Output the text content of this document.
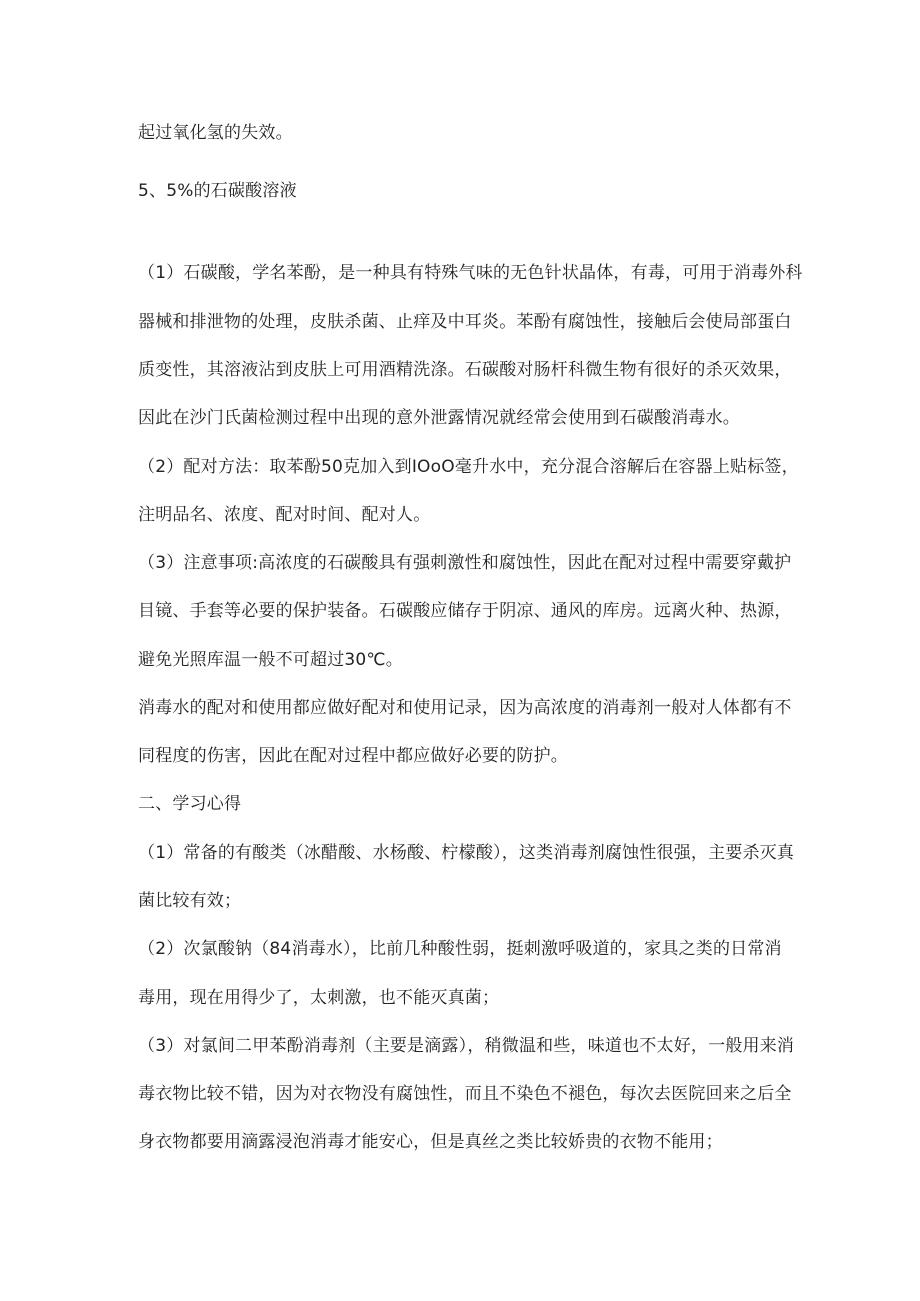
起过氧化氢的失效。
5、5%的石碳酸溶液
（1）石碳酸，学名苯酚，是一种具有特殊气味的无色针状晶体，有毒，可用于消毒外科
器械和排泄物的处理，皮肤杀菌、止痒及中耳炎。苯酚有腐蚀性，接触后会使局部蛋白
质变性，其溶液沾到皮肤上可用酒精洗涤。石碳酸对肠杆科微生物有很好的杀灭效果，
因此在沙门氏菌检测过程中出现的意外泄露情况就经常会使用到石碳酸消毒水。
（2）配对方法：取苯酚50克加入到IOoO毫升水中，充分混合溶解后在容器上贴标签，
注明品名、浓度、配对时间、配对人。
（3）注意事项:高浓度的石碳酸具有强刺激性和腐蚀性，因此在配对过程中需要穿戴护
目镜、手套等必要的保护装备。石碳酸应储存于阴凉、通风的库房。远离火种、热源，
避免光照库温一般不可超过30℃。
消毒水的配对和使用都应做好配对和使用记录，因为高浓度的消毒剂一般对人体都有不
同程度的伤害，因此在配对过程中都应做好必要的防护。
二、学习心得
（1）常备的有酸类（冰醋酸、水杨酸、柠檬酸），这类消毒剂腐蚀性很强，主要杀灭真
菌比较有效；
（2）次氯酸钠（84消毒水），比前几种酸性弱，挺刺激呼吸道的，家具之类的日常消
毒用，现在用得少了，太刺激，也不能灭真菌；
（3）对氯间二甲苯酚消毒剂（主要是滴露），稍微温和些，味道也不太好，一般用来消
毒衣物比较不错，因为对衣物没有腐蚀性，而且不染色不褪色，每次去医院回来之后全
身衣物都要用滴露浸泡消毒才能安心，但是真丝之类比较娇贵的衣物不能用；
